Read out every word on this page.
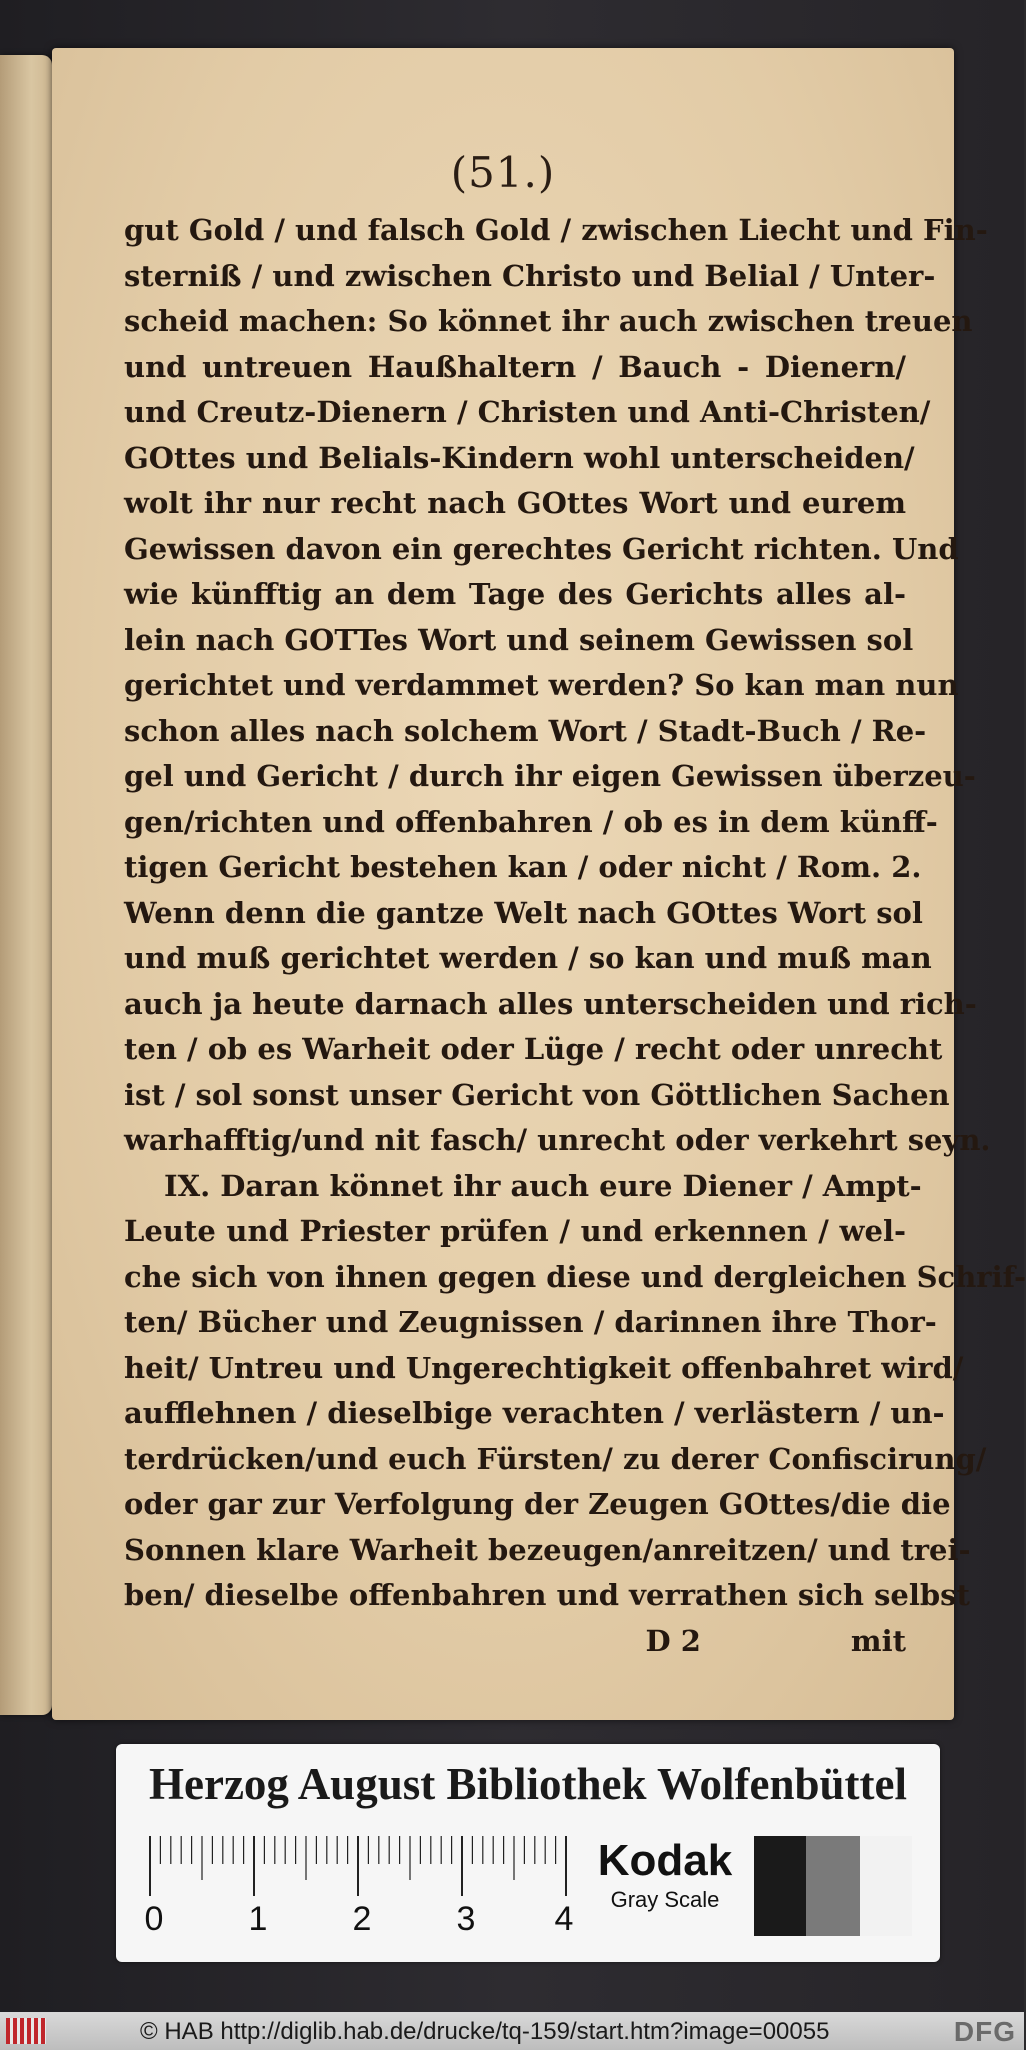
(51.)
gut Gold / und falsch Gold / zwischen Liecht und Fin-
sterniß / und zwischen Christo und Belial / Unter-
scheid machen: So könnet ihr auch zwischen treuen
und untreuen Haußhaltern / Bauch - Dienern/
und Creutz-Dienern / Christen und Anti-Christen/
GOttes und Belials-Kindern wohl unterscheiden/
wolt ihr nur recht nach GOttes Wort und eurem
Gewissen davon ein gerechtes Gericht richten. Und
wie künfftig an dem Tage des Gerichts alles al-
lein nach GOTTes Wort und seinem Gewissen sol
gerichtet und verdammet werden? So kan man nun
schon alles nach solchem Wort / Stadt-Buch / Re-
gel und Gericht / durch ihr eigen Gewissen überzeu-
gen/richten und offenbahren / ob es in dem künff-
tigen Gericht bestehen kan / oder nicht / Rom. 2.
Wenn denn die gantze Welt nach GOttes Wort sol
und muß gerichtet werden / so kan und muß man
auch ja heute darnach alles unterscheiden und rich-
ten / ob es Warheit oder Lüge / recht oder unrecht
ist / sol sonst unser Gericht von Göttlichen Sachen
warhafftig/und nit fasch/ unrecht oder verkehrt seyn.
IX. Daran könnet ihr auch eure Diener / Ampt-
Leute und Priester prüfen / und erkennen / wel-
che sich von ihnen gegen diese und dergleichen Schrif-
ten/ Bücher und Zeugnissen / darinnen ihre Thor-
heit/ Untreu und Ungerechtigkeit offenbahret wird/
aufflehnen / dieselbige verachten / verlästern / un-
terdrücken/und euch Fürsten/ zu derer Confiscirung/
oder gar zur Verfolgung der Zeugen GOttes/die die
Sonnen klare Warheit bezeugen/anreitzen/ und trei-
ben/ dieselbe offenbahren und verrathen sich selbst
D 2	mit
Herzog August Bibliothek Wolfenbüttel
0	1	2	3	4
Kodak
Gray Scale
© HAB http://diglib.hab.de/drucke/tq-159/start.htm?image=00055	DFG
